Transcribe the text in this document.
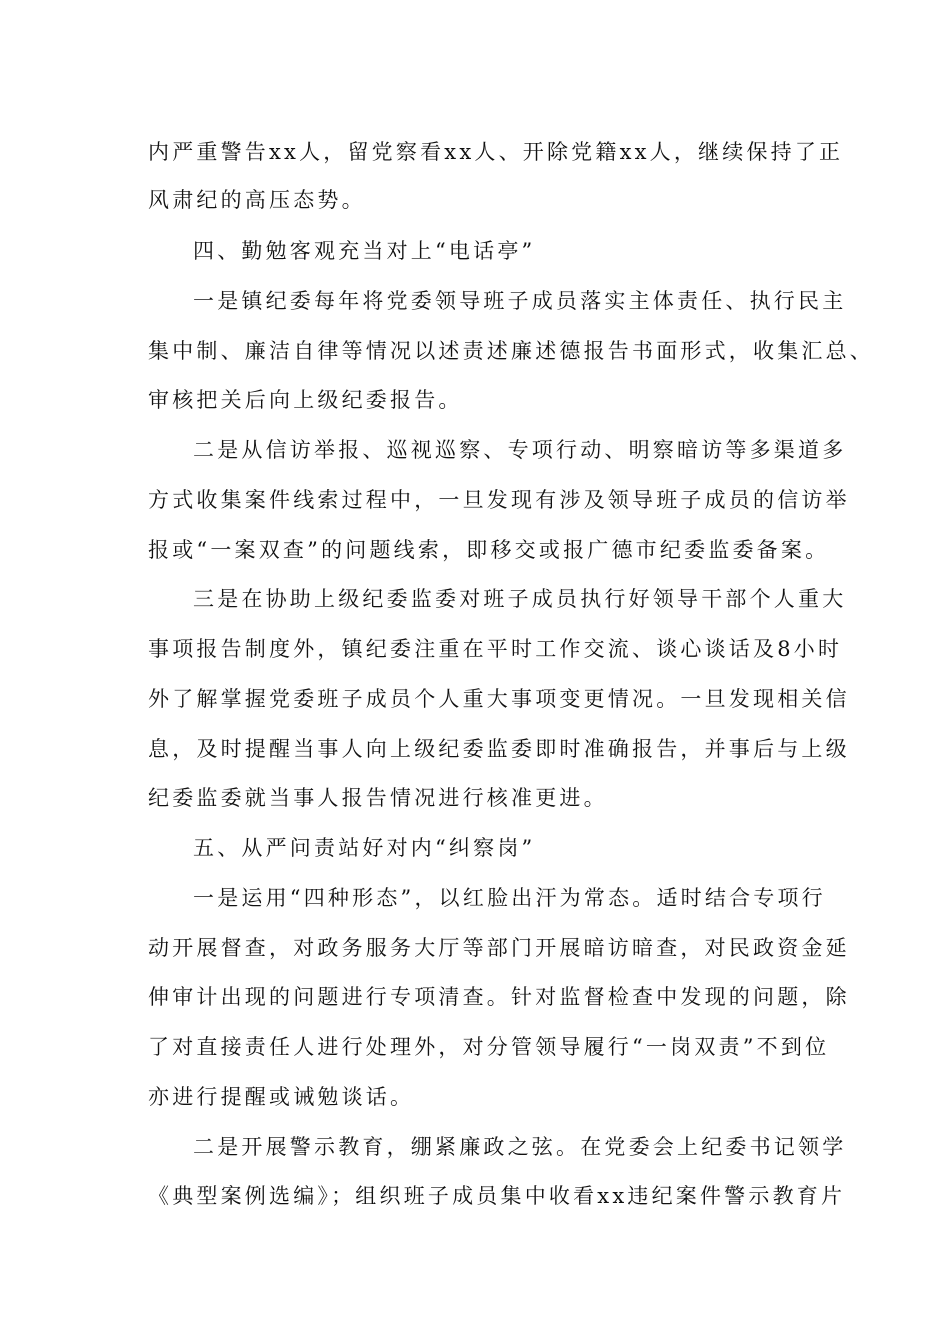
内严重警告xx人，留党察看xx人、开除党籍xx人，继续保持了正
风肃纪的高压态势。
四、勤勉客观充当对上“电话亭”
一是镇纪委每年将党委领导班子成员落实主体责任、执行民主
集中制、廉洁自律等情况以述责述廉述德报告书面形式，收集汇总、
审核把关后向上级纪委报告。
二是从信访举报、巡视巡察、专项行动、明察暗访等多渠道多
方式收集案件线索过程中，一旦发现有涉及领导班子成员的信访举
报或“一案双查”的问题线索，即移交或报广德市纪委监委备案。
三是在协助上级纪委监委对班子成员执行好领导干部个人重大
事项报告制度外，镇纪委注重在平时工作交流、谈心谈话及8小时
外了解掌握党委班子成员个人重大事项变更情况。一旦发现相关信
息，及时提醒当事人向上级纪委监委即时准确报告，并事后与上级
纪委监委就当事人报告情况进行核准更进。
五、从严问责站好对内“纠察岗”
一是运用“四种形态”，以红脸出汗为常态。适时结合专项行
动开展督查，对政务服务大厅等部门开展暗访暗查，对民政资金延
伸审计出现的问题进行专项清查。针对监督检查中发现的问题，除
了对直接责任人进行处理外，对分管领导履行“一岗双责”不到位
亦进行提醒或诫勉谈话。
二是开展警示教育，绷紧廉政之弦。在党委会上纪委书记领学
《典型案例选编》；组织班子成员集中收看xx违纪案件警示教育片
